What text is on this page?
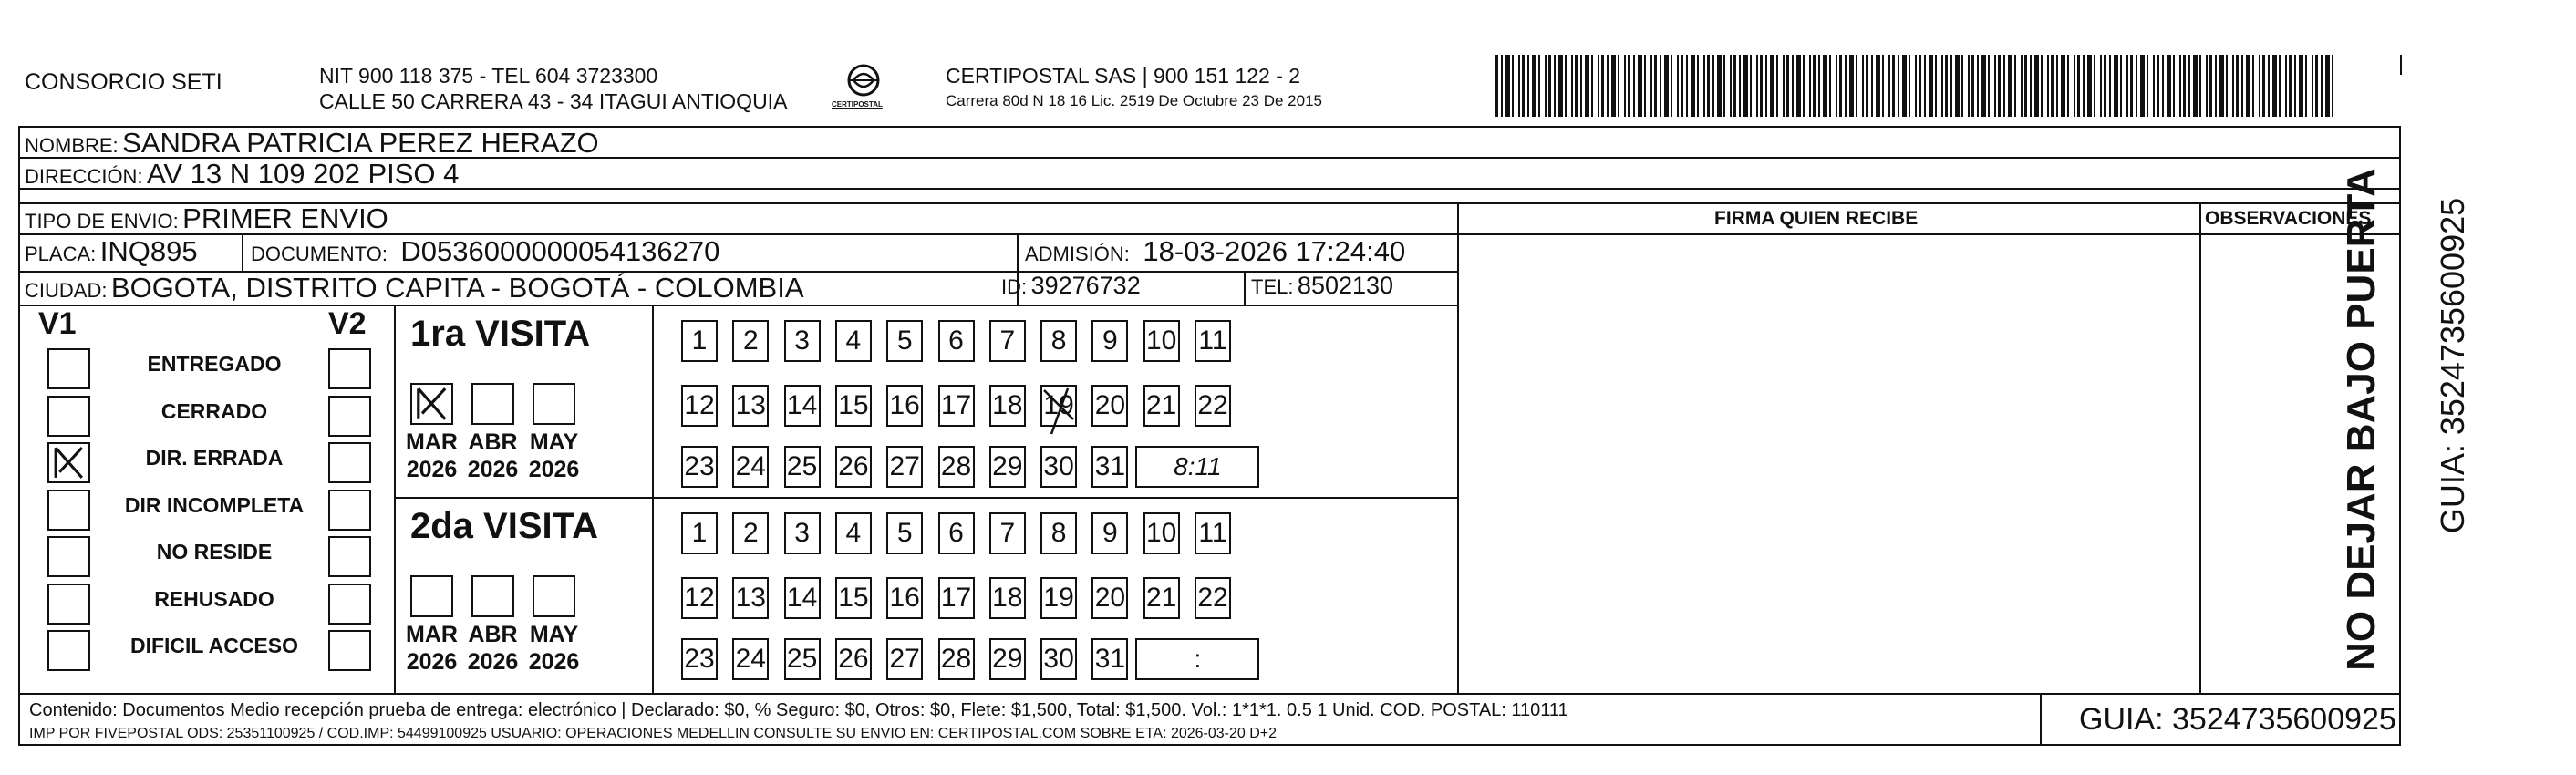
CONSORCIO SETI	NIT 900 118 375 - TEL 604 3723300
CALLE 50 CARRERA 43 - 34 ITAGUI ANTIOQUIA	CERTIPOSTAL
CERTIPOSTAL SAS | 900 151 122 - 2
Carrera 80d N 18 16 Lic. 2519 De Octubre 23 De 2015
NOMBRE: SANDRA PATRICIA PEREZ HERAZO
DIRECCIÓN: AV 13 N 109 202 PISO 4
TIPO DE ENVIO: PRIMER ENVIO
PLACA: INQ895	DOCUMENTO: D0536000000054136270	ADMISIÓN: 18-03-2026 17:24:40
CIUDAD: BOGOTA, DISTRITO CAPITA - BOGOTÁ - COLOMBIA	ID: 39276732	TEL: 8502130
FIRMA QUIEN RECIBE	OBSERVACIONES
V1	V2
ENTREGADO
CERRADO
DIR. ERRADA
DIR INCOMPLETA
NO RESIDE
REHUSADO
DIFICIL ACCESO
1ra VISITA
MAR
2026
ABR
2026
MAY
2026
1	2	3	4	5	6	7	8	9	10 11
12 13 14 15 16 17 18 19 20 21 22
23 24 25 26 27 28 29 30 31	8:11
2da VISITA
MAR
2026
ABR
2026
MAY
2026
1	2	3	4	5	6	7	8	9	10 11
12 13 14 15 16 17 18 19 20 21 22
23 24 25 26 27 28 29 30 31	:
Contenido: Documentos Medio recepción prueba de entrega: electrónico | Declarado: $0, % Seguro: $0, Otros: $0, Flete: $1,500, Total: $1,500. Vol.: 1*1*1. 0.5 1 Unid. COD. POSTAL: 110111
IMP POR FIVEPOSTAL ODS: 25351100925 / COD.IMP: 54499100925 USUARIO: OPERACIONES MEDELLIN CONSULTE SU ENVIO EN: CERTIPOSTAL.COM SOBRE ETA: 2026-03-20 D+2	GUIA: 3524735600925
NO DEJAR BAJO PUERTA GUIA: 3524735600925
